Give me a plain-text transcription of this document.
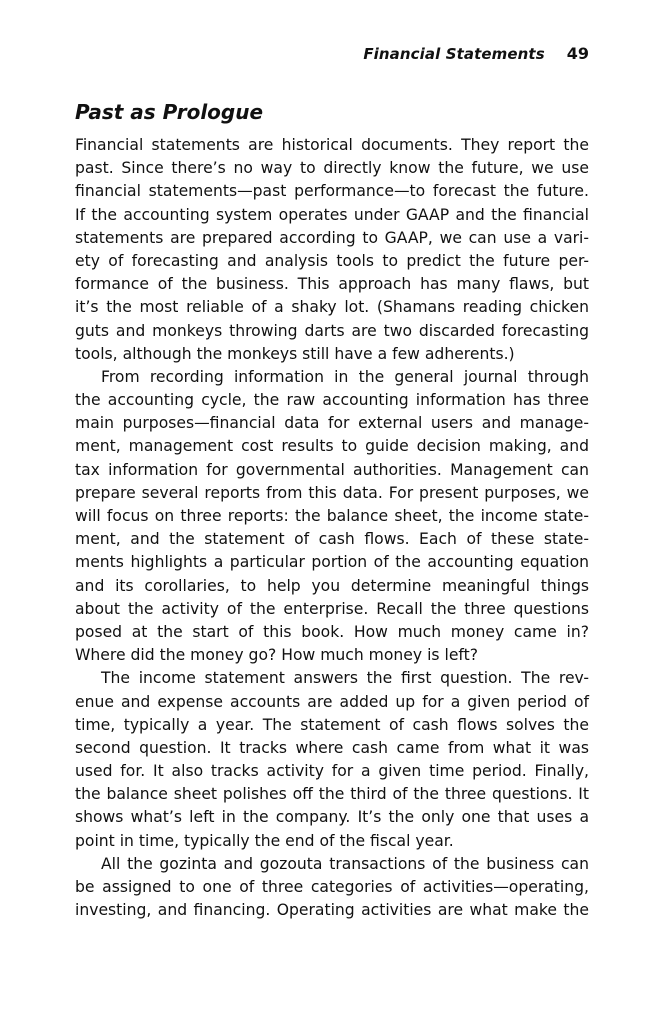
Financial Statements 49
Past as Prologue
Financial statements are historical documents. They report the
past. Since there’s no way to directly know the future, we use
financial statements—past performance—to forecast the future.
If the accounting system operates under GAAP and the financial
statements are prepared according to GAAP, we can use a vari-
ety of forecasting and analysis tools to predict the future per-
formance of the business. This approach has many flaws, but
it’s the most reliable of a shaky lot. (Shamans reading chicken
guts and monkeys throwing darts are two discarded forecasting
tools, although the monkeys still have a few adherents.)
From recording information in the general journal through
the accounting cycle, the raw accounting information has three
main purposes—financial data for external users and manage-
ment, management cost results to guide decision making, and
tax information for governmental authorities. Management can
prepare several reports from this data. For present purposes, we
will focus on three reports: the balance sheet, the income state-
ment, and the statement of cash flows. Each of these state-
ments highlights a particular portion of the accounting equation
and its corollaries, to help you determine meaningful things
about the activity of the enterprise. Recall the three questions
posed at the start of this book. How much money came in?
Where did the money go? How much money is left?
The income statement answers the first question. The rev-
enue and expense accounts are added up for a given period of
time, typically a year. The statement of cash flows solves the
second question. It tracks where cash came from what it was
used for. It also tracks activity for a given time period. Finally,
the balance sheet polishes off the third of the three questions. It
shows what’s left in the company. It’s the only one that uses a
point in time, typically the end of the fiscal year.
All the gozinta and gozouta transactions of the business can
be assigned to one of three categories of activities—operating,
investing, and financing. Operating activities are what make the
